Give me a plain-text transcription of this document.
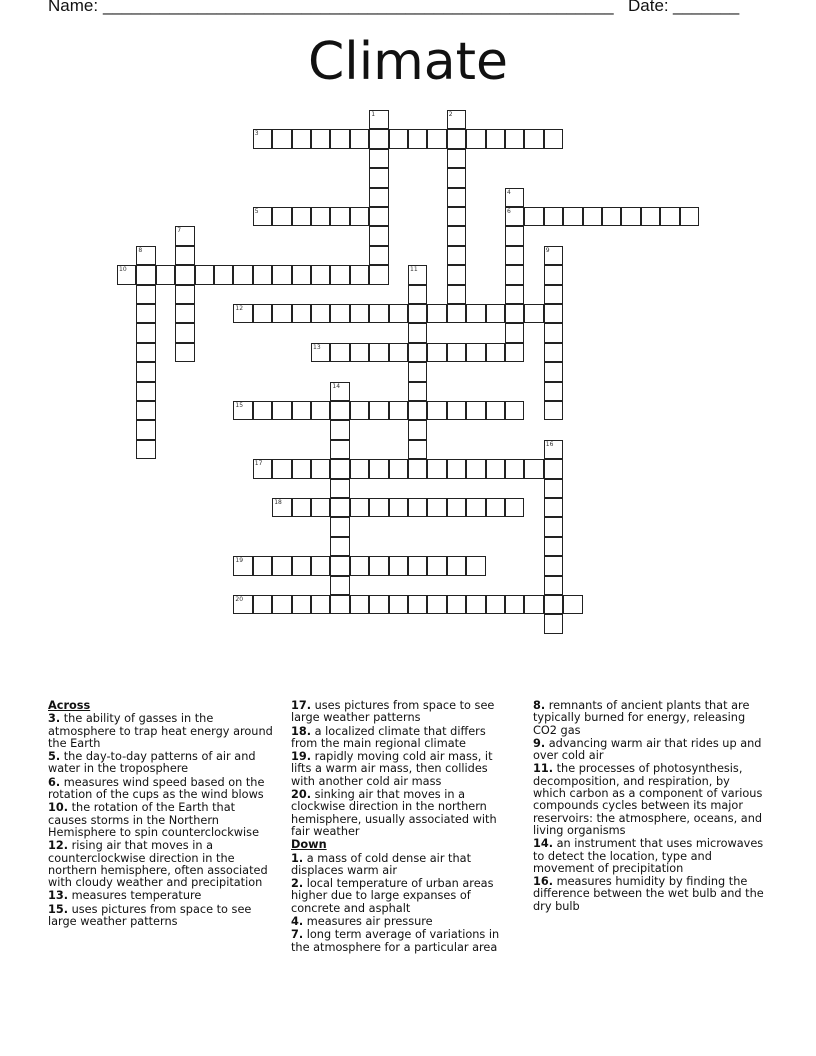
Name: ______________________________________________________ Date: _______
Climate
1	2
3
4
6
5
7
8	9
10	11
12
13
14
15
16
17
18
19
20
Across

3. the ability of gasses in the atmosphere to trap heat energy around the Earth

5. the day-to-day patterns of air and water in the troposphere

6. measures wind speed based on the rotation of the cups as the wind blows

10. the rotation of the Earth that causes storms in the Northern Hemisphere to spin counterclockwise

12. rising air that moves in a counterclockwise direction in the northern hemisphere, often associated with cloudy weather and precipitation

13. measures temperature

15. uses pictures from space to see large weather patterns

17. uses pictures from space to see large weather patterns

18. a localized climate that differs from the main regional climate

19. rapidly moving cold air mass, it lifts a warm air mass, then collides with another cold air mass

20. sinking air that moves in a clockwise direction in the northern hemisphere, usually associated with fair weather

Down

1. a mass of cold dense air that displaces warm air

2. local temperature of urban areas higher due to large expanses of concrete and asphalt

4. measures air pressure

7. long term average of variations in the atmosphere for a particular area

8. remnants of ancient plants that are typically burned for energy, releasing CO2 gas

9. advancing warm air that rides up and over cold air

11. the processes of photosynthesis, decomposition, and respiration, by which carbon as a component of various compounds cycles between its major reservoirs: the atmosphere, oceans, and living organisms

14. an instrument that uses microwaves to detect the location, type and movement of precipitation

16. measures humidity by finding the difference between the wet bulb and the dry bulb
